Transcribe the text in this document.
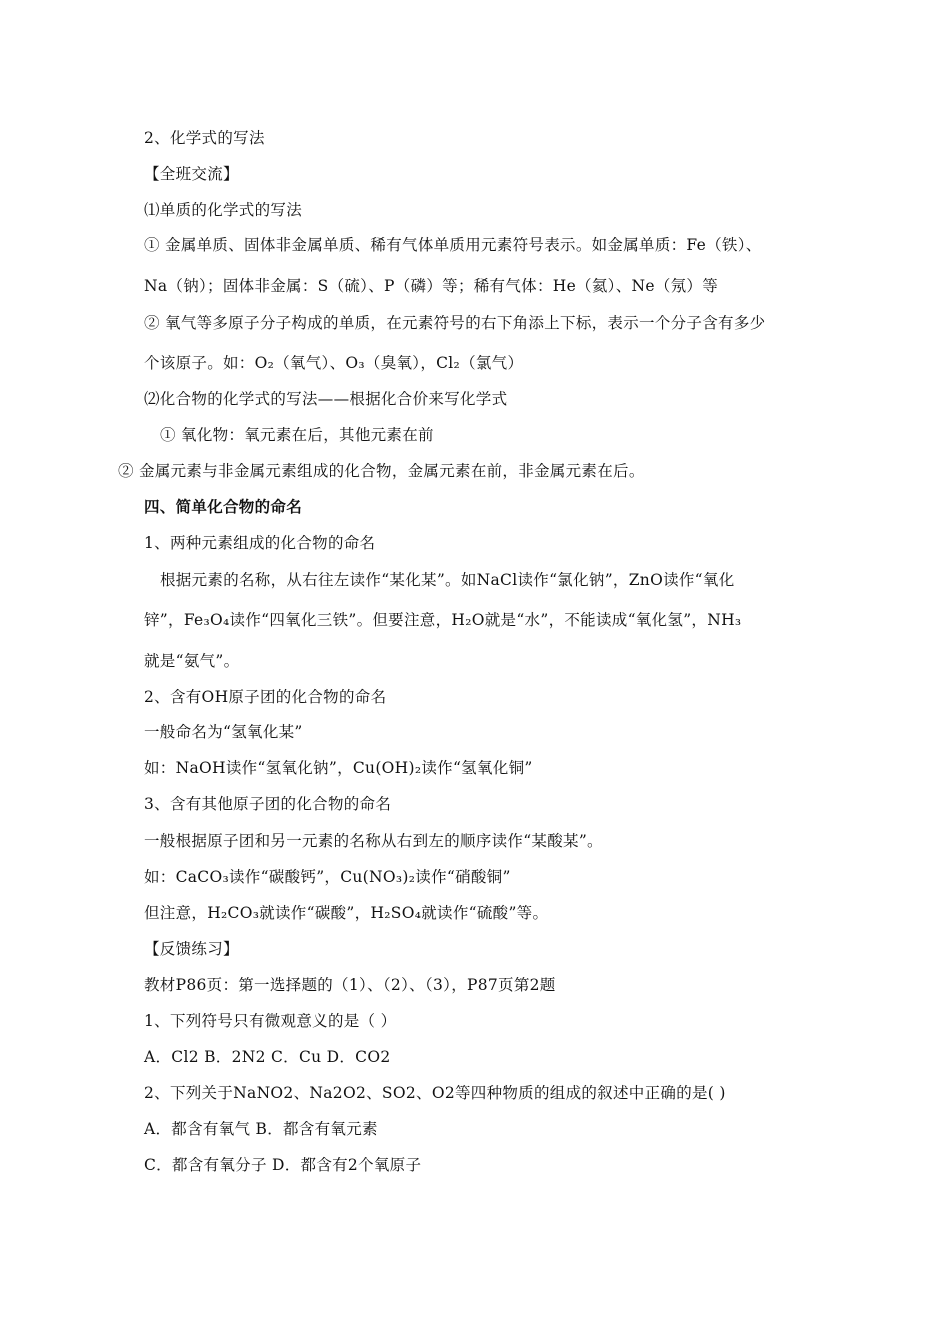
2、化学式的写法
【全班交流】
⑴单质的化学式的写法
① 金属单质、固体非金属单质、稀有气体单质用元素符号表示。如金属单质：Fe（铁）、
Na（钠）；固体非金属：S（硫）、P（磷）等；稀有气体：He（氦）、Ne（氖）等
② 氧气等多原子分子构成的单质，在元素符号的右下角添上下标，表示一个分子含有多少
个该原子。如：O₂（氧气）、O₃（臭氧），Cl₂（氯气）
⑵化合物的化学式的写法——根据化合价来写化学式
① 氧化物：氧元素在后，其他元素在前
② 金属元素与非金属元素组成的化合物，金属元素在前，非金属元素在后。
四、简单化合物的命名
1、两种元素组成的化合物的命名
根据元素的名称，从右往左读作“某化某”。如NaCl读作“氯化钠”，ZnO读作“氧化
锌”，Fe₃O₄读作“四氧化三铁”。但要注意，H₂O就是“水”，不能读成“氧化氢”，NH₃
就是“氨气”。
2、含有OH原子团的化合物的命名
一般命名为“氢氧化某”
如：NaOH读作“氢氧化钠”，Cu(OH)₂读作“氢氧化铜”
3、含有其他原子团的化合物的命名
一般根据原子团和另一元素的名称从右到左的顺序读作“某酸某”。
如：CaCO₃读作“碳酸钙”，Cu(NO₃)₂读作“硝酸铜”
但注意，H₂CO₃就读作“碳酸”，H₂SO₄就读作“硫酸”等。
【反馈练习】
教材P86页：第一选择题的（1）、（2）、（3），P87页第2题
1、下列符号只有微观意义的是（ ）
A．Cl2 B．2N2 C．Cu D．CO2
2、下列关于NaNO2、Na2O2、SO2、O2等四种物质的组成的叙述中正确的是( )
A．都含有氧气 B．都含有氧元素
C．都含有氧分子 D．都含有2个氧原子
